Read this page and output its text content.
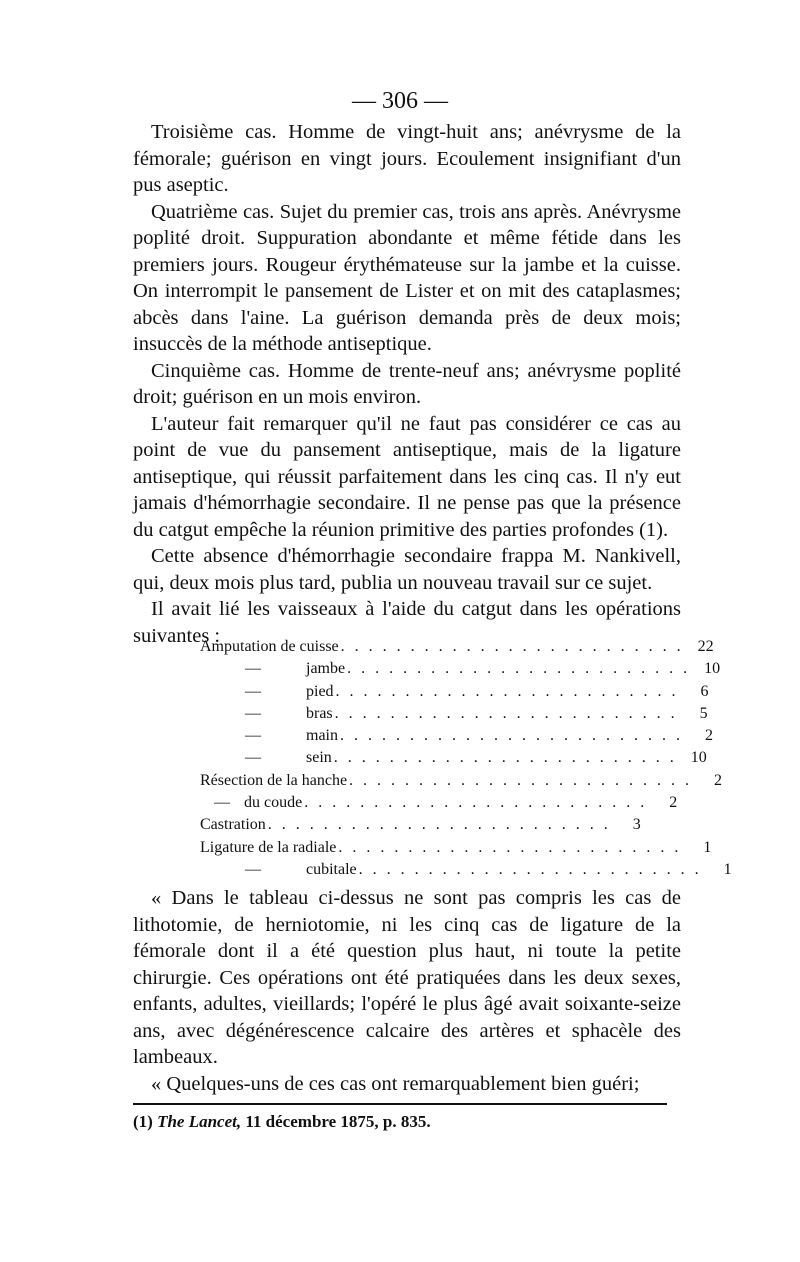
— 306 —

Troisième cas. Homme de vingt-huit ans; anévrysme de la fémorale; guérison en vingt jours. Ecoulement insignifiant d'un pus aseptic.

Quatrième cas. Sujet du premier cas, trois ans après. Anévrysme poplité droit. Suppuration abondante et même fétide dans les premiers jours. Rougeur érythémateuse sur la jambe et la cuisse. On interrompit le pansement de Lister et on mit des cataplasmes; abcès dans l'aine. La guérison demanda près de deux mois; insuccès de la méthode antiseptique.

Cinquième cas. Homme de trente-neuf ans; anévrysme poplité droit; guérison en un mois environ.

L'auteur fait remarquer qu'il ne faut pas considérer ce cas au point de vue du pansement antiseptique, mais de la ligature antiseptique, qui réussit parfaitement dans les cinq cas. Il n'y eut jamais d'hémorrhagie secondaire. Il ne pense pas que la présence du catgut empêche la réunion primitive des parties profondes (1).

Cette absence d'hémorrhagie secondaire frappa M. Nankivell, qui, deux mois plus tard, publia un nouveau travail sur ce sujet.

Il avait lié les vaisseaux à l'aide du catgut dans les opérations suivantes :

Amputation de cuisse . . . . . . . . . . . . . . . . . . . . . . . . . 22
—	jambe . . . . . . . . . . . . . . . . . . . . . . . . . 10
—	pied . . . . . . . . . . . . . . . . . . . . . . . . .	6
—	bras . . . . . . . . . . . . . . . . . . . . . . . . .	5
—	main . . . . . . . . . . . . . . . . . . . . . . . . .	2
—	sein . . . . . . . . . . . . . . . . . . . . . . . . . 10
Résection de la hanche . . . . . . . . . . . . . . . . . . . . . . . . .	2
— du coude . . . . . . . . . . . . . . . . . . . . . . . . .	2
Castration . . . . . . . . . . . . . . . . . . . . . . . . .	3
Ligature de la radiale . . . . . . . . . . . . . . . . . . . . . . . . .	1
—	cubitale . . . . . . . . . . . . . . . . . . . . . . . . .	1

« Dans le tableau ci-dessus ne sont pas compris les cas de lithotomie, de herniotomie, ni les cinq cas de ligature de la fémorale dont il a été question plus haut, ni toute la petite chirurgie. Ces opérations ont été pratiquées dans les deux sexes, enfants, adultes, vieillards; l'opéré le plus âgé avait soixante-seize ans, avec dégénérescence calcaire des artères et sphacèle des lambeaux.

« Quelques-uns de ces cas ont remarquablement bien guéri;

(1) The Lancet, 11 décembre 1875, p. 835.
